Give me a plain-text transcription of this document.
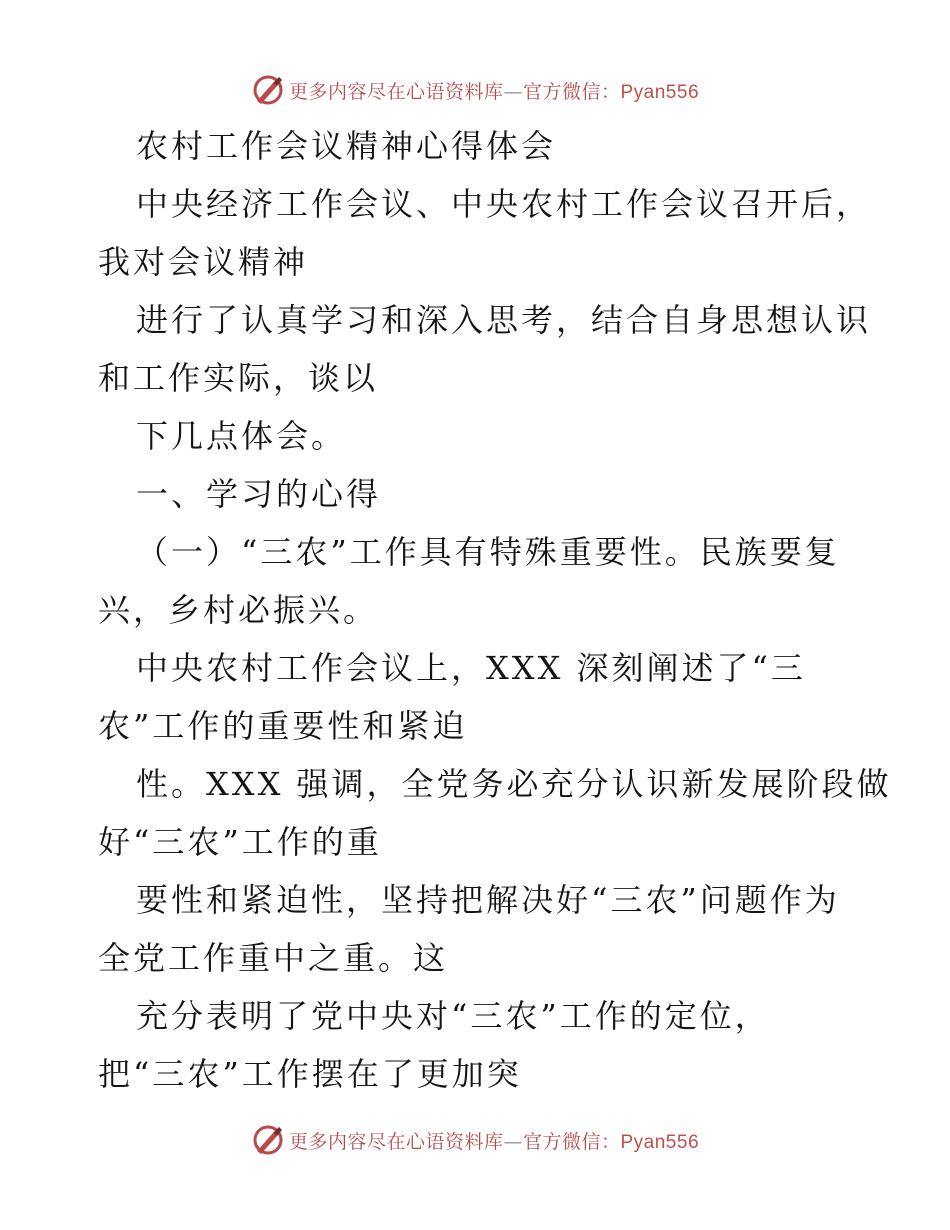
更多内容尽在心语资料库—官方微信：Pyan556
农村工作会议精神心得体会
中央经济工作会议、中央农村工作会议召开后，
我对会议精神
进行了认真学习和深入思考，结合自身思想认识
和工作实际，谈以
下几点体会。
一、学习的心得
（一）“三农”工作具有特殊重要性。民族要复
兴，乡村必振兴。
中央农村工作会议上，XXX 深刻阐述了“三
农”工作的重要性和紧迫
性。XXX 强调，全党务必充分认识新发展阶段做
好“三农”工作的重
要性和紧迫性，坚持把解决好“三农”问题作为
全党工作重中之重。这
充分表明了党中央对“三农”工作的定位，
把“三农”工作摆在了更加突
更多内容尽在心语资料库—官方微信：Pyan556
